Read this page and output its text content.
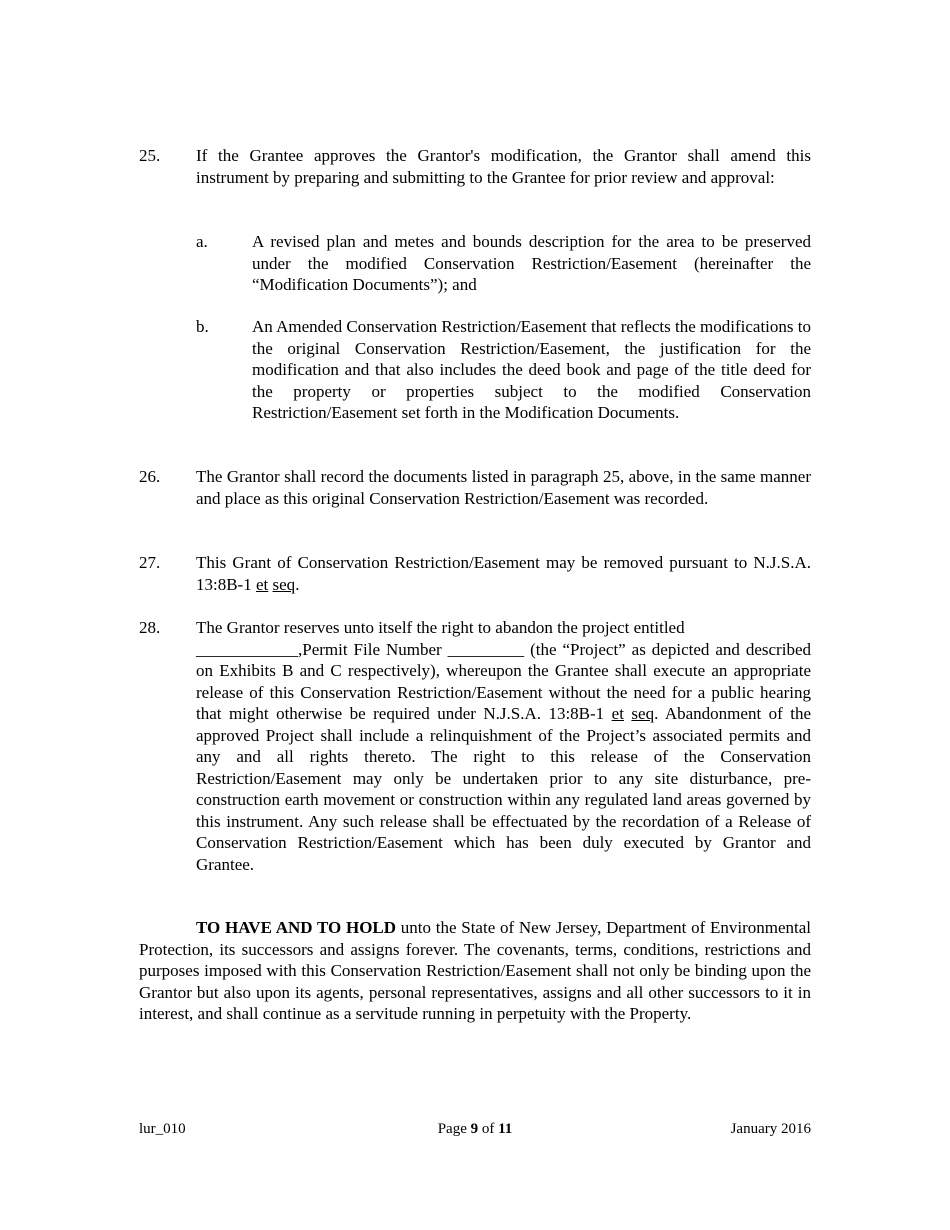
25. If the Grantee approves the Grantor's modification, the Grantor shall amend this instrument by preparing and submitting to the Grantee for prior review and approval:
a.	A revised plan and metes and bounds description for the area to be preserved under the modified Conservation Restriction/Easement (hereinafter the “Modification Documents”); and
b.	An Amended Conservation Restriction/Easement that reflects the modifications to the original Conservation Restriction/Easement, the justification for the modification and that also includes the deed book and page of the title deed for the property or properties subject to the modified Conservation Restriction/Easement set forth in the Modification Documents.
26. The Grantor shall record the documents listed in paragraph 25, above, in the same manner and place as this original Conservation Restriction/Easement was recorded.
27. This Grant of Conservation Restriction/Easement may be removed pursuant to N.J.S.A. 13:8B-1 et seq.
28. The Grantor reserves unto itself the right to abandon the project entitled
____________,Permit File Number _________ (the “Project” as depicted and described on Exhibits B and C respectively), whereupon the Grantee shall execute an appropriate release of this Conservation Restriction/Easement without the need for a public hearing that might otherwise be required under N.J.S.A. 13:8B-1 et seq. Abandonment of the approved Project shall include a relinquishment of the Project’s associated permits and any and all rights thereto. The right to this release of the Conservation Restriction/Easement may only be undertaken prior to any site disturbance, pre-construction earth movement or construction within any regulated land areas governed by this instrument. Any such release shall be effectuated by the recordation of a Release of Conservation Restriction/Easement which has been duly executed by Grantor and Grantee.
TO HAVE AND TO HOLD unto the State of New Jersey, Department of Environmental Protection, its successors and assigns forever. The covenants, terms, conditions, restrictions and purposes imposed with this Conservation Restriction/Easement shall not only be binding upon the Grantor but also upon its agents, personal representatives, assigns and all other successors to it in interest, and shall continue as a servitude running in perpetuity with the Property.
lur_010	Page 9 of 11	January 2016
